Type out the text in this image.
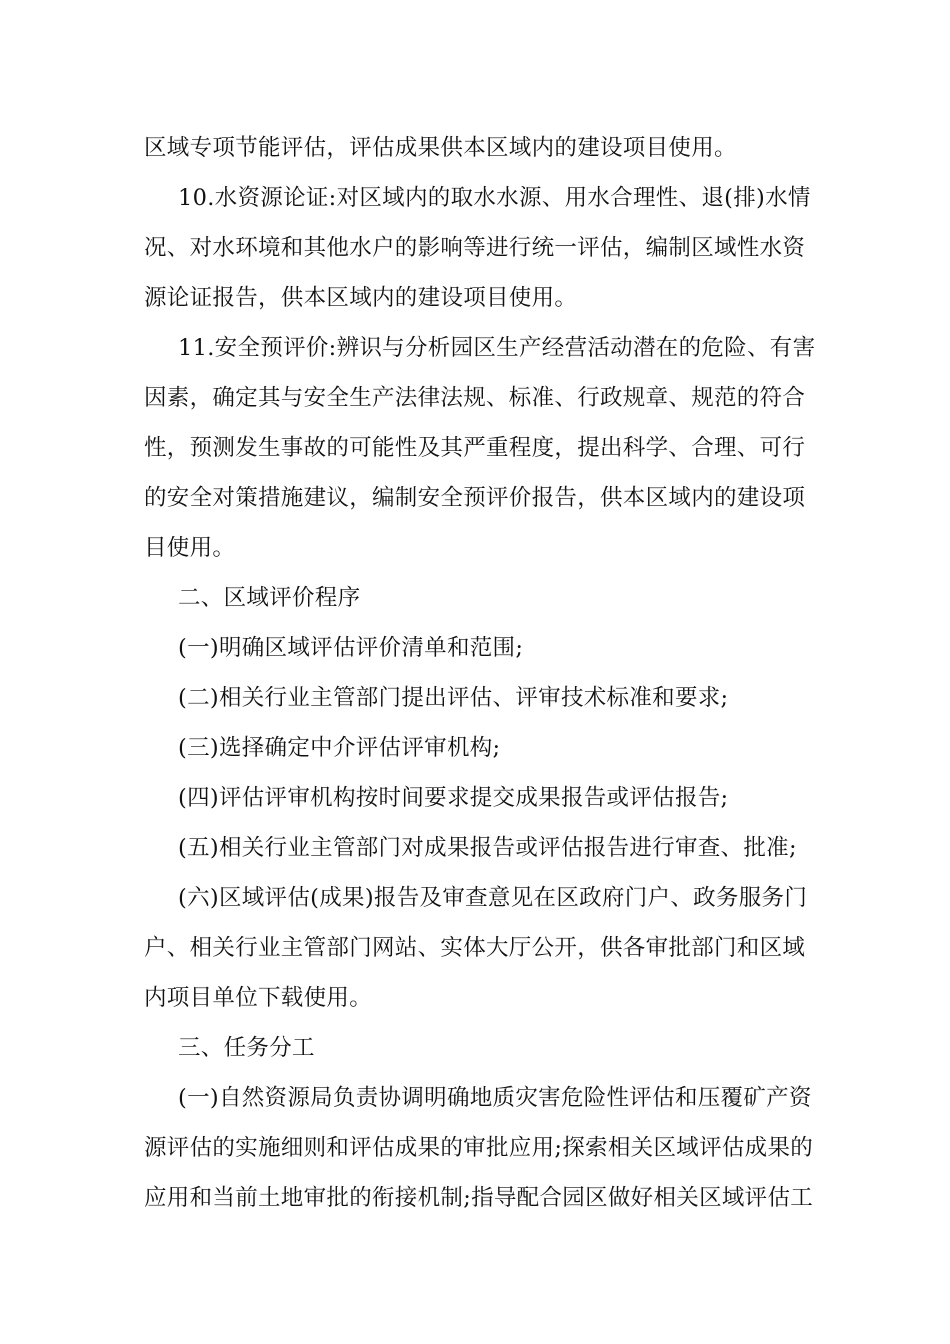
区域专项节能评估，评估成果供本区域内的建设项目使用。
10.水资源论证:对区域内的取水水源、用水合理性、退(排)水情
况、对水环境和其他水户的影响等进行统一评估，编制区域性水资
源论证报告，供本区域内的建设项目使用。
11.安全预评价:辨识与分析园区生产经营活动潜在的危险、有害
因素，确定其与安全生产法律法规、标准、行政规章、规范的符合
性，预测发生事故的可能性及其严重程度，提出科学、合理、可行
的安全对策措施建议，编制安全预评价报告，供本区域内的建设项
目使用。
二、区域评价程序
(一)明确区域评估评价清单和范围;
(二)相关行业主管部门提出评估、评审技术标准和要求;
(三)选择确定中介评估评审机构;
(四)评估评审机构按时间要求提交成果报告或评估报告;
(五)相关行业主管部门对成果报告或评估报告进行审查、批准;
(六)区域评估(成果)报告及审查意见在区政府门户、政务服务门
户、相关行业主管部门网站、实体大厅公开，供各审批部门和区域
内项目单位下载使用。
三、任务分工
(一)自然资源局负责协调明确地质灾害危险性评估和压覆矿产资
源评估的实施细则和评估成果的审批应用;探索相关区域评估成果的
应用和当前土地审批的衔接机制;指导配合园区做好相关区域评估工
